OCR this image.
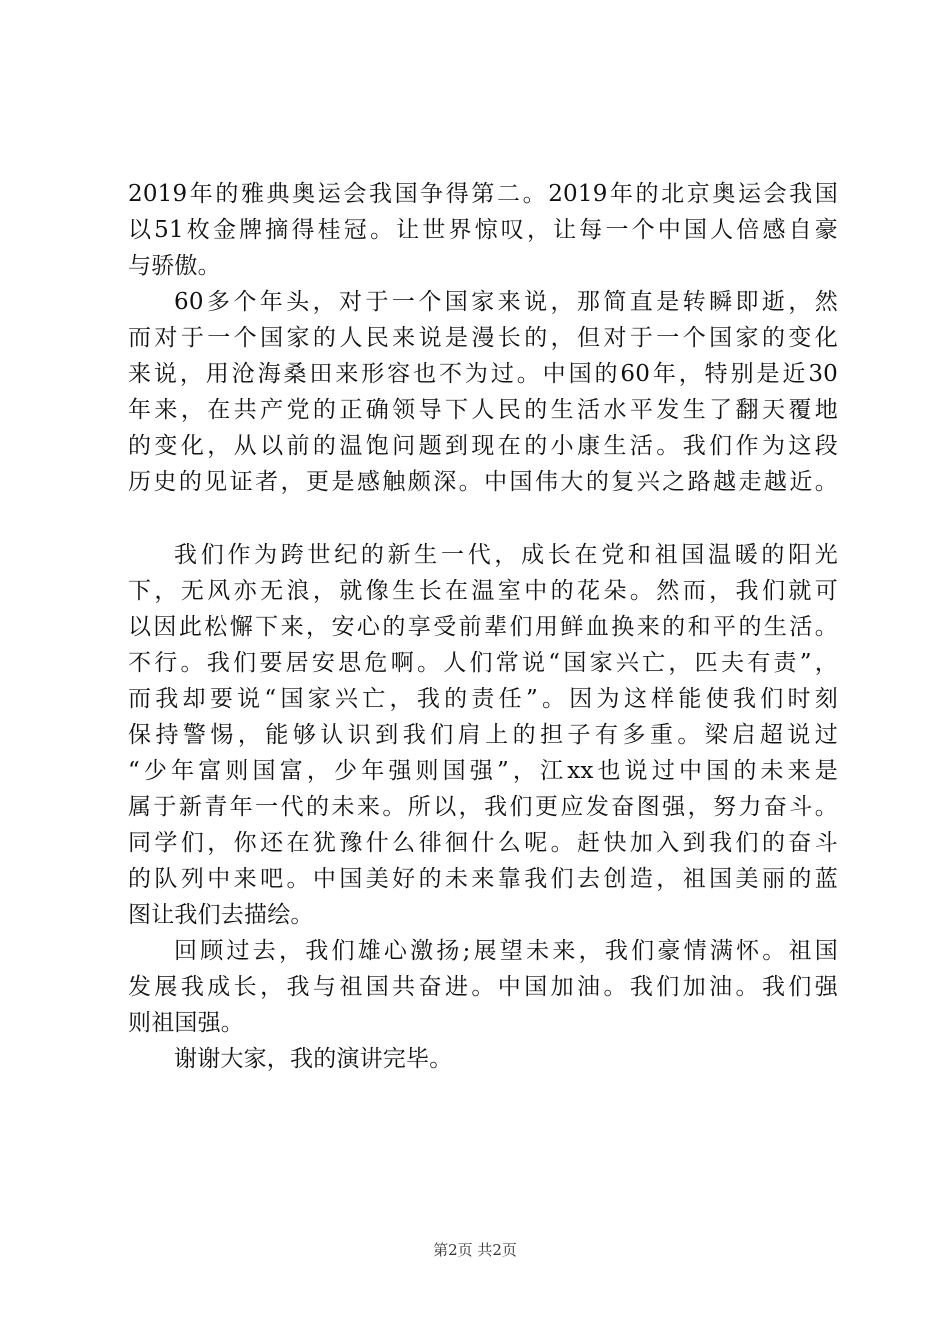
2019年的雅典奥运会我国争得第二。2019年的北京奥运会我国
以51枚金牌摘得桂冠。让世界惊叹，让每一个中国人倍感自豪
与骄傲。
60多个年头，对于一个国家来说，那简直是转瞬即逝，然
而对于一个国家的人民来说是漫长的，但对于一个国家的变化
来说，用沧海桑田来形容也不为过。中国的60年，特别是近30
年来，在共产党的正确领导下人民的生活水平发生了翻天覆地
的变化，从以前的温饱问题到现在的小康生活。我们作为这段
历史的见证者，更是感触颇深。中国伟大的复兴之路越走越近。
我们作为跨世纪的新生一代，成长在党和祖国温暖的阳光
下，无风亦无浪，就像生长在温室中的花朵。然而，我们就可
以因此松懈下来，安心的享受前辈们用鲜血换来的和平的生活。
不行。我们要居安思危啊。人们常说“国家兴亡，匹夫有责”，
而我却要说“国家兴亡，我的责任”。因为这样能使我们时刻
保持警惕，能够认识到我们肩上的担子有多重。梁启超说过
“少年富则国富，少年强则国强”，江xx也说过中国的未来是
属于新青年一代的未来。所以，我们更应发奋图强，努力奋斗。
同学们，你还在犹豫什么徘徊什么呢。赶快加入到我们的奋斗
的队列中来吧。中国美好的未来靠我们去创造，祖国美丽的蓝
图让我们去描绘。
回顾过去，我们雄心激扬;展望未来，我们豪情满怀。祖国
发展我成长，我与祖国共奋进。中国加油。我们加油。我们强
则祖国强。
谢谢大家，我的演讲完毕。
第2页 共2页
